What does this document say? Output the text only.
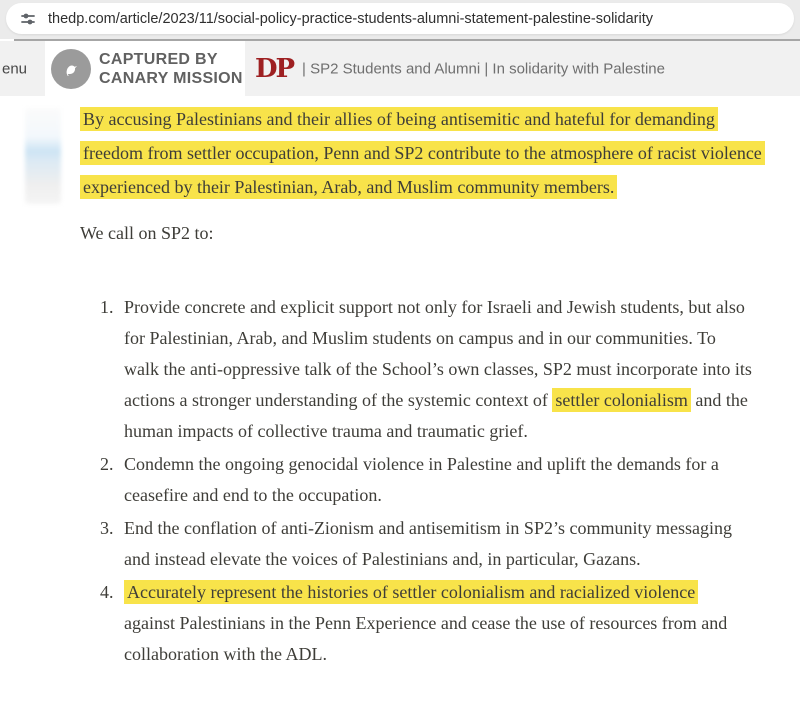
thedp.com/article/2023/11/social-policy-practice-students-alumni-statement-palestine-solidarity
enu
CAPTURED BY
CANARY MISSION DP | SP2 Students and Alumni | In solidarity with Palestine

By accusing Palestinians and their allies of being antisemitic and hateful for demanding freedom from settler occupation, Penn and SP2 contribute to the atmosphere of racist violence experienced by their Palestinian, Arab, and Muslim community members.

We call on SP2 to:

1. Provide concrete and explicit support not only for Israeli and Jewish students, but also for Palestinian, Arab, and Muslim students on campus and in our communities. To walk the anti-oppressive talk of the School’s own classes, SP2 must incorporate into its actions a stronger understanding of the systemic context of settler colonialism and the human impacts of collective trauma and traumatic grief.
2. Condemn the ongoing genocidal violence in Palestine and uplift the demands for a ceasefire and end to the occupation.
3. End the conflation of anti-Zionism and antisemitism in SP2’s community messaging and instead elevate the voices of Palestinians and, in particular, Gazans.
4. Accurately represent the histories of settler colonialism and racialized violence against Palestinians in the Penn Experience and cease the use of resources from and collaboration with the ADL.
